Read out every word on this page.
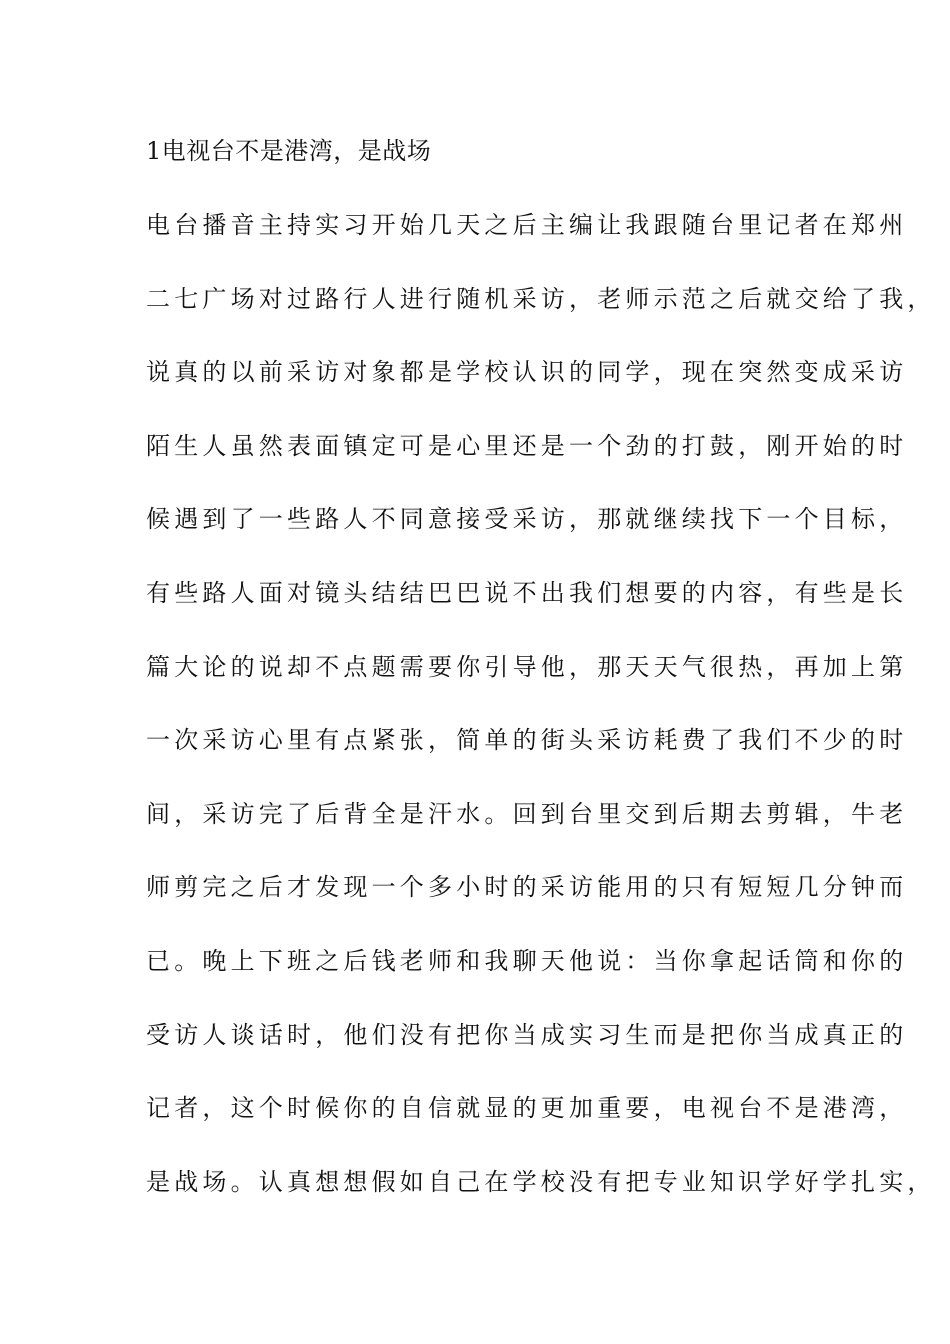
1电视台不是港湾，是战场
电台播音主持实习开始几天之后主编让我跟随台里记者在郑州
二七广场对过路行人进行随机采访，老师示范之后就交给了我，
说真的以前采访对象都是学校认识的同学，现在突然变成采访
陌生人虽然表面镇定可是心里还是一个劲的打鼓，刚开始的时
候遇到了一些路人不同意接受采访，那就继续找下一个目标，
有些路人面对镜头结结巴巴说不出我们想要的内容，有些是长
篇大论的说却不点题需要你引导他，那天天气很热，再加上第
一次采访心里有点紧张，简单的街头采访耗费了我们不少的时
间，采访完了后背全是汗水。回到台里交到后期去剪辑，牛老
师剪完之后才发现一个多小时的采访能用的只有短短几分钟而
已。晚上下班之后钱老师和我聊天他说：当你拿起话筒和你的
受访人谈话时，他们没有把你当成实习生而是把你当成真正的
记者，这个时候你的自信就显的更加重要，电视台不是港湾，
是战场。认真想想假如自己在学校没有把专业知识学好学扎实，
